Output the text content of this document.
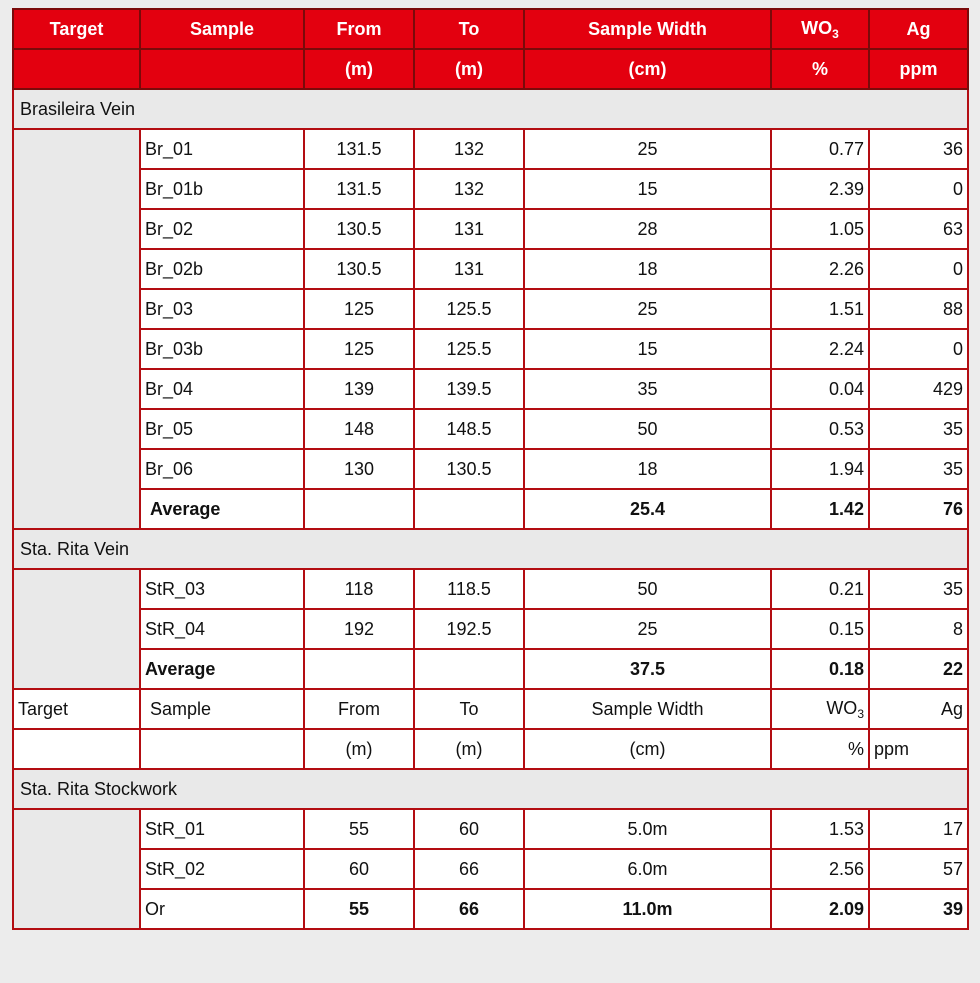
Target	Sample	From	To	Sample Width	$WO_3$	Ag
		(m)	(m)	(cm)	%	ppm
Brasileira Vein						
	Br_01	131.5	132	25	0.77	36
	Br_01b	131.5	132	15	2.39	0
	Br_02	130.5	131	28	1.05	63
	Br_02b	130.5	131	18	2.26	0
	Br_03	125	125.5	25	1.51	88
	Br_03b	125	125.5	15	2.24	0
	Br_04	139	139.5	35	0.04	429
	Br_05	148	148.5	50	0.53	35
	Br_06	130	130.5	18	1.94	35
	Average			25.4	1.42	76
Sta. Rita Vein						
	StR_03	118	118.5	50	0.21	35
	StR_04	192	192.5	25	0.15	8
	Average			37.5	0.18	22
Target	Sample	From	To	Sample Width	$WO_3$	Ag
		(m)	(m)	(cm)	%	ppm
Sta. Rita Stockwork						
	StR_01	55	60	5.0m	1.53	17
	StR_02	60	66	6.0m	2.56	57
	Or	55	66	11.0m	2.09	39
